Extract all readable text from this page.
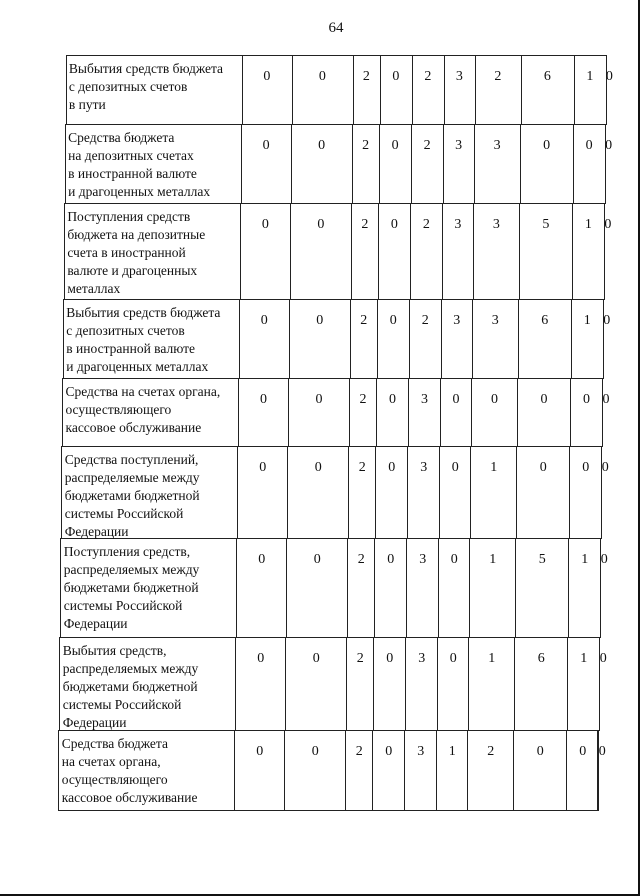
64
Выбытия средств бюджета
с депозитных счетов
в пути
0	0	2	0	2	3	2	6	1 0
Средства бюджета
на депозитных счетах
в иностранной валюте
и драгоценных металлах
0	0	2	0	2	3	3	0	0 0
Поступления средств
бюджета на депозитные
счета в иностранной
валюте и драгоценных
металлах
0	0	2	0	2	3	3	5	1 0
Выбытия средств бюджета
с депозитных счетов
в иностранной валюте
и драгоценных металлах
0	0	2	0	2	3	3	6	1 0
Средства на счетах органа,
осуществляющего
кассовое обслуживание
0	0	2	0	3	0	0	0	0 0
Средства поступлений,
распределяемые между
бюджетами бюджетной
системы Российской
Федерации
0	0	2	0	3	0	1	0	0 0
Поступления средств,
распределяемых между
бюджетами бюджетной
системы Российской
Федерации
0	0	2	0	3	0	1	5	1 0
Выбытия средств,
распределяемых между
бюджетами бюджетной
системы Российской
Федерации
0	0	2	0	3	0	1	6	1 0
Средства бюджета
на счетах органа,
осуществляющего
кассовое обслуживание
0	0	2	0	3	1	2	0	0 0
